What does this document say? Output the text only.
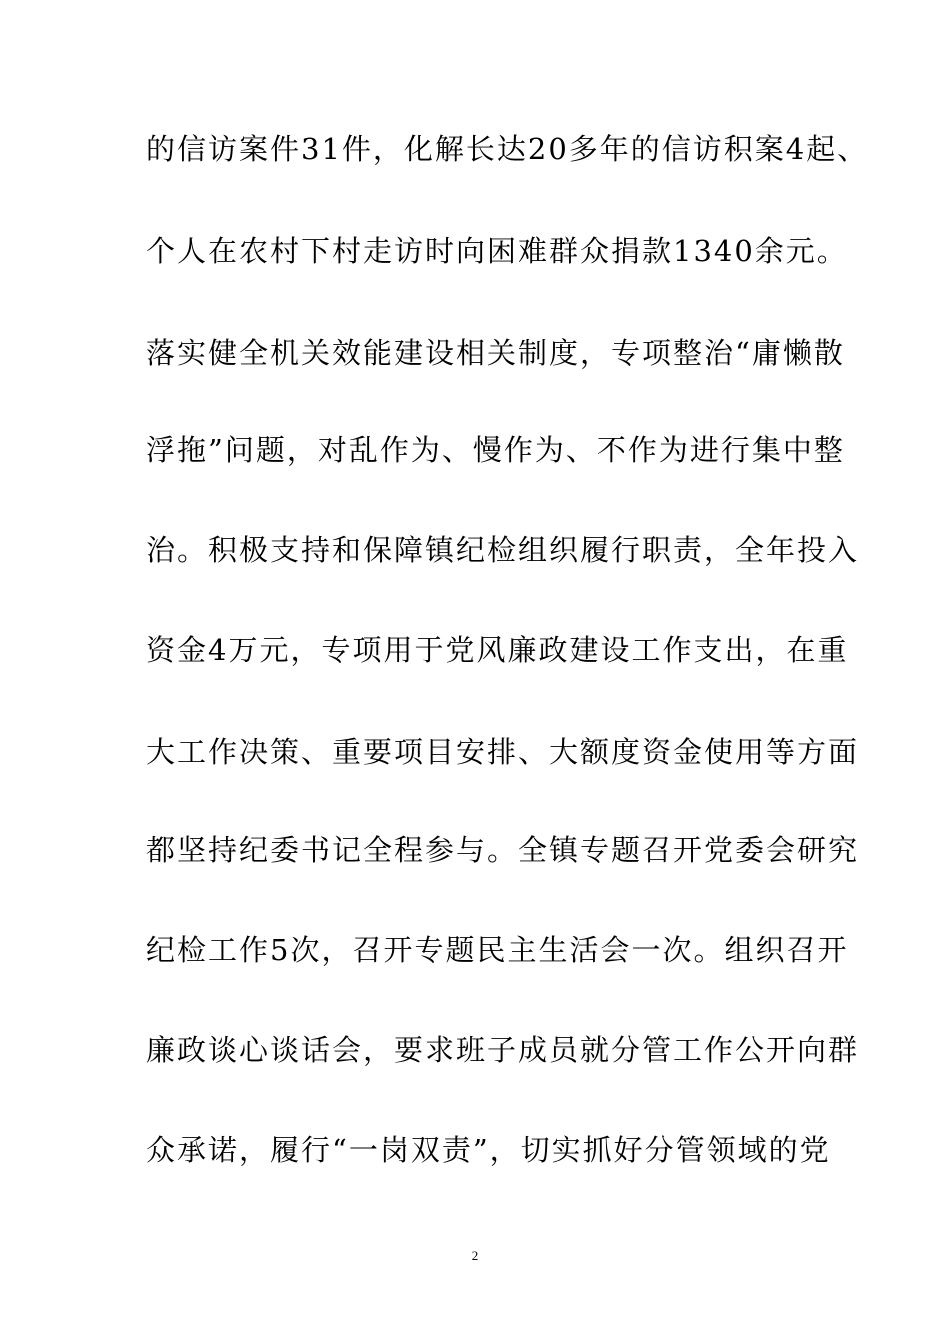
的信访案件31件，化解长达20多年的信访积案4起、
个人在农村下村走访时向困难群众捐款1340余元。
落实健全机关效能建设相关制度，专项整治“庸懒散
浮拖”问题，对乱作为、慢作为、不作为进行集中整
治。积极支持和保障镇纪检组织履行职责，全年投入
资金4万元，专项用于党风廉政建设工作支出，在重
大工作决策、重要项目安排、大额度资金使用等方面
都坚持纪委书记全程参与。全镇专题召开党委会研究
纪检工作5次，召开专题民主生活会一次。组织召开
廉政谈心谈话会，要求班子成员就分管工作公开向群
众承诺，履行“一岗双责”，切实抓好分管领域的党
2
